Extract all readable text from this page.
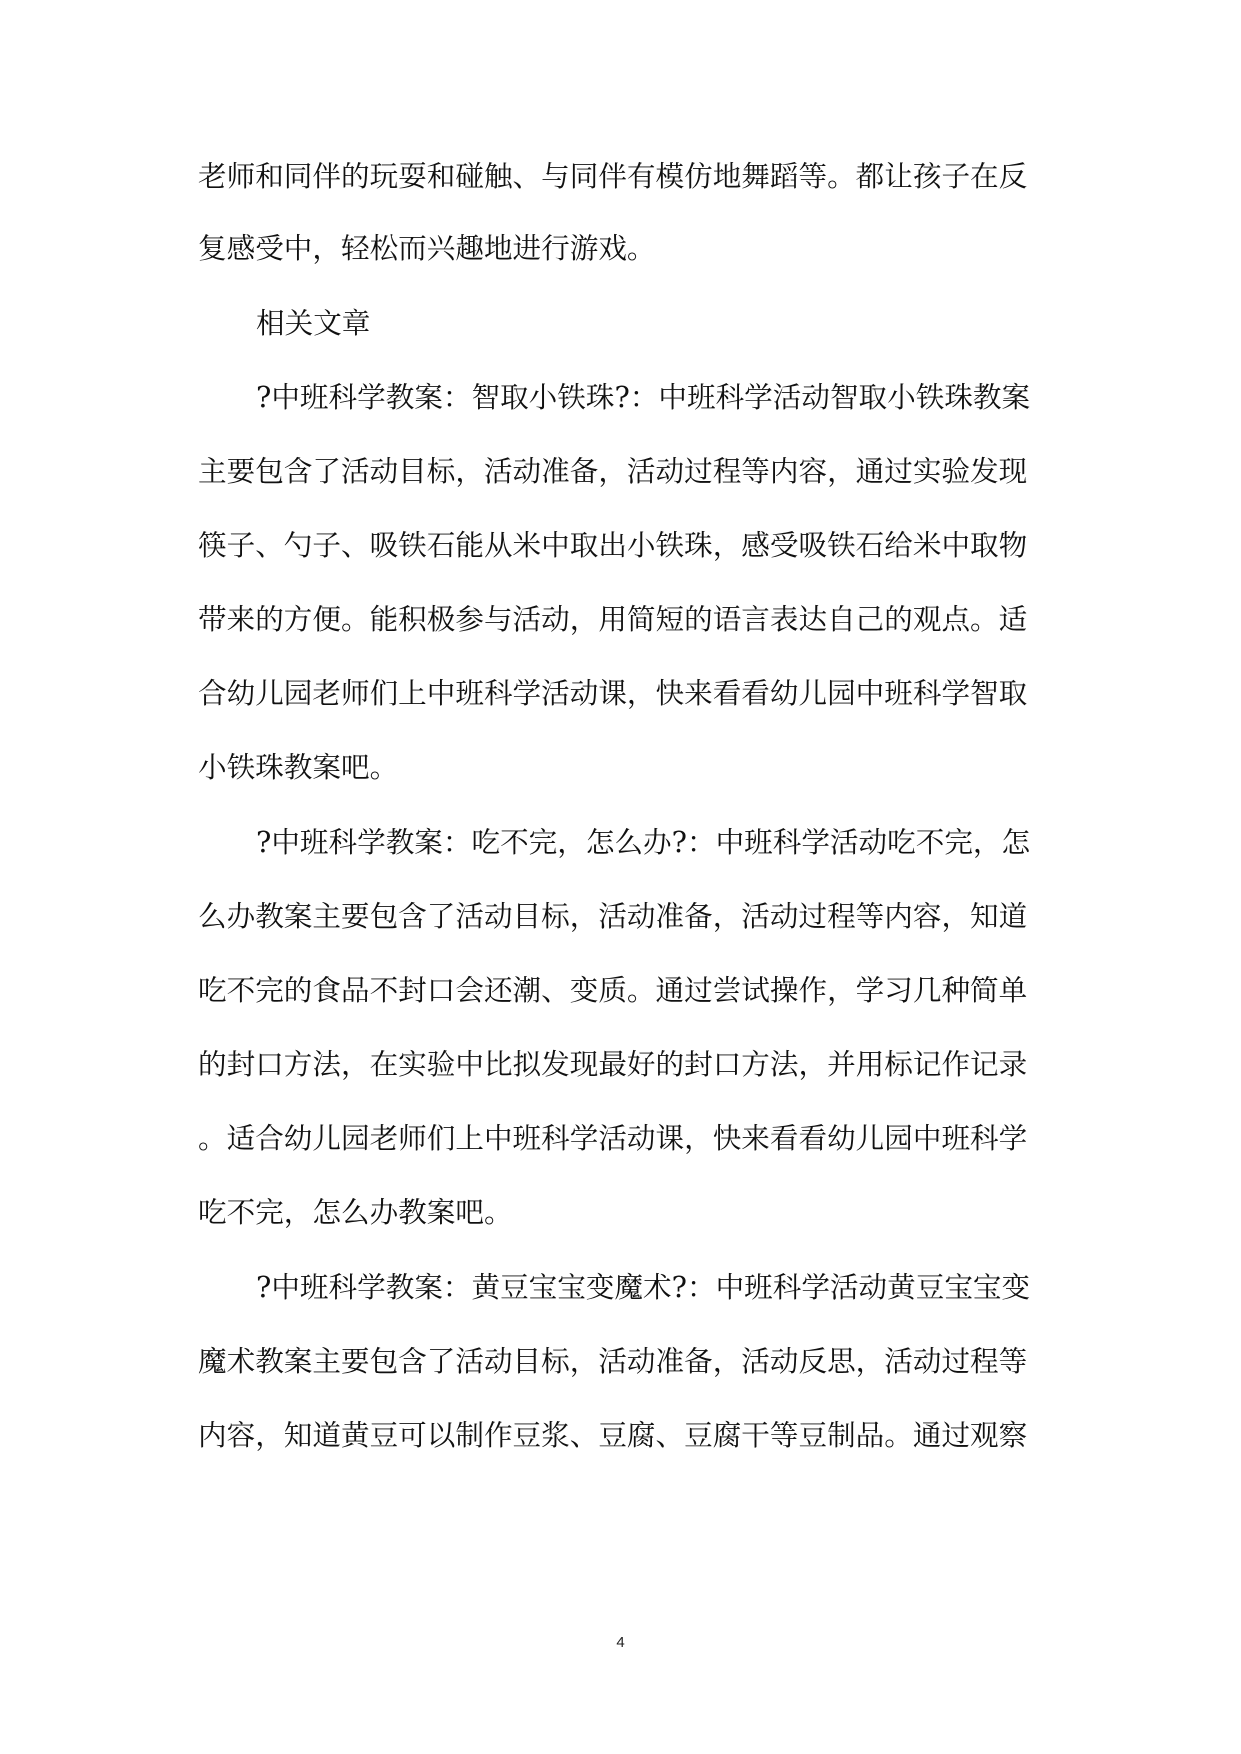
老师和同伴的玩耍和碰触、与同伴有模仿地舞蹈等。都让孩子在反
复感受中，轻松而兴趣地进行游戏。
相关文章
?中班科学教案：智取小铁珠?：中班科学活动智取小铁珠教案
主要包含了活动目标，活动准备，活动过程等内容，通过实验发现
筷子、勺子、吸铁石能从米中取出小铁珠，感受吸铁石给米中取物
带来的方便。能积极参与活动，用简短的语言表达自己的观点。适
合幼儿园老师们上中班科学活动课，快来看看幼儿园中班科学智取
小铁珠教案吧。
?中班科学教案：吃不完，怎么办?：中班科学活动吃不完，怎
么办教案主要包含了活动目标，活动准备，活动过程等内容，知道
吃不完的食品不封口会还潮、变质。通过尝试操作，学习几种简单
的封口方法，在实验中比拟发现最好的封口方法，并用标记作记录
。适合幼儿园老师们上中班科学活动课，快来看看幼儿园中班科学
吃不完，怎么办教案吧。
?中班科学教案：黄豆宝宝变魔术?：中班科学活动黄豆宝宝变
魔术教案主要包含了活动目标，活动准备，活动反思，活动过程等
内容，知道黄豆可以制作豆浆、豆腐、豆腐干等豆制品。通过观察
4
